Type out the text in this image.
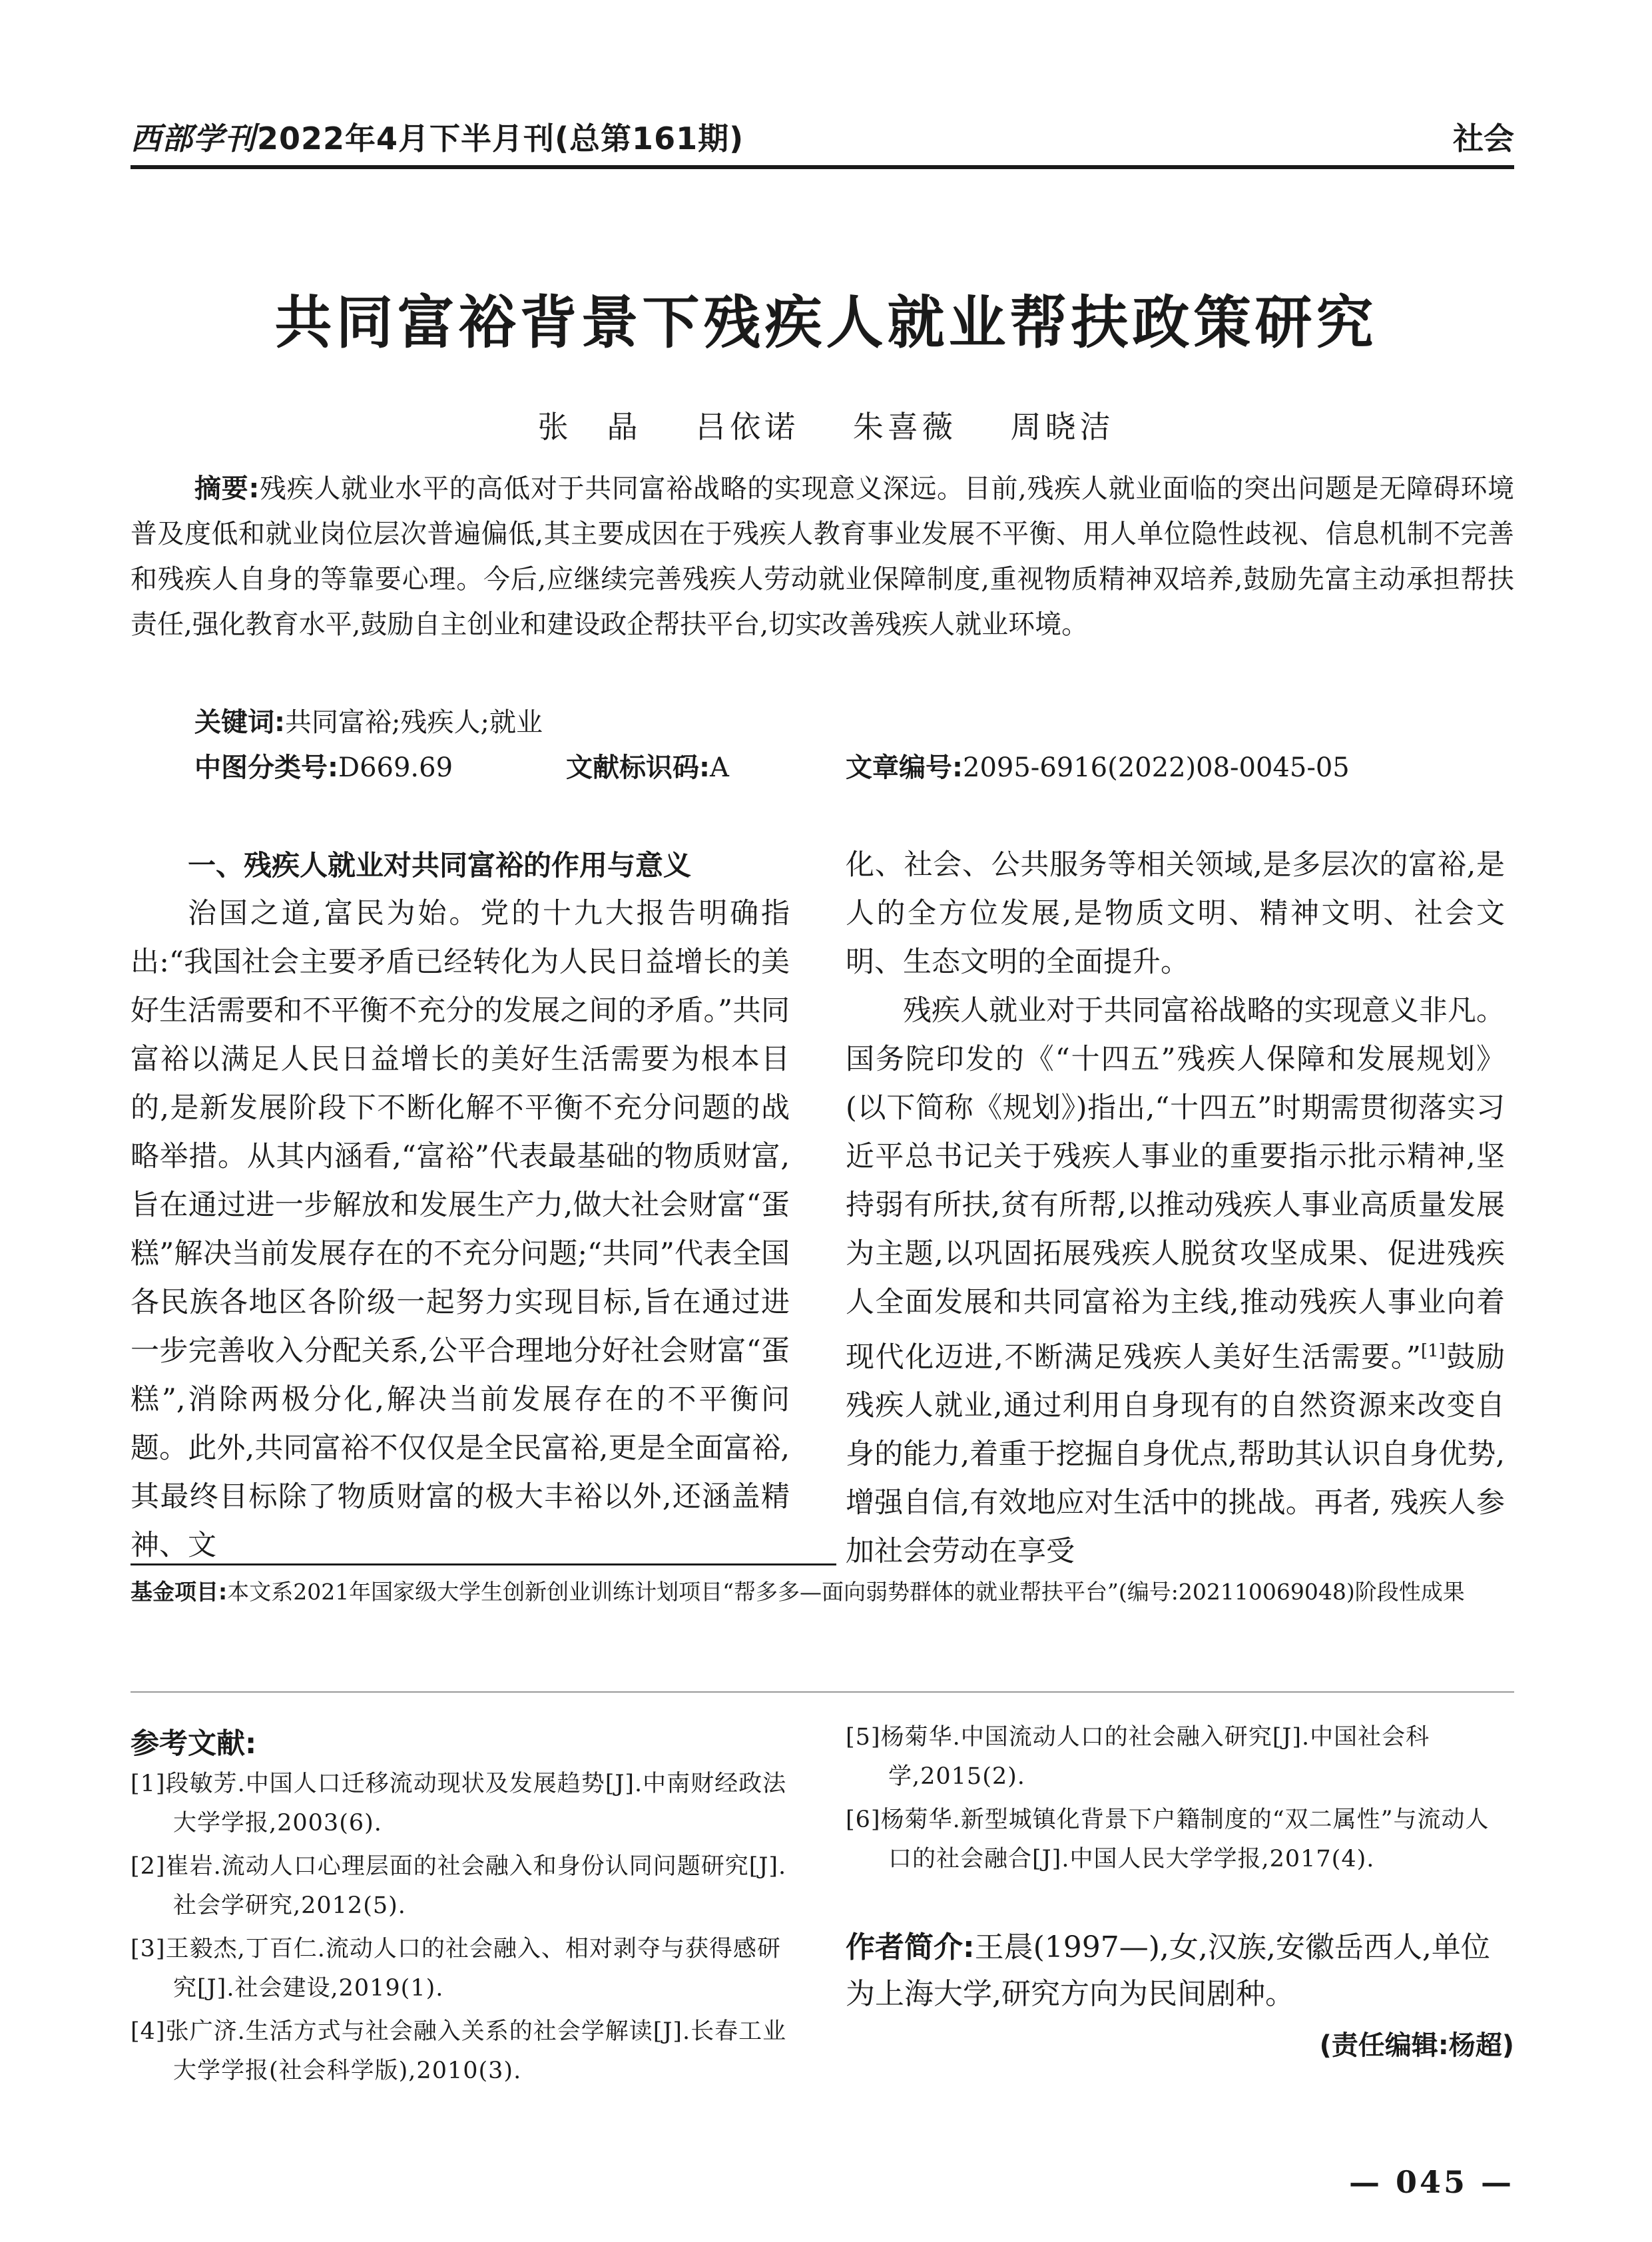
西部学刊2022年4月下半月刊(总第161期)	社会
共同富裕背景下残疾人就业帮扶政策研究
张　晶 吕依诺 朱喜薇 周晓洁
摘要:残疾人就业水平的高低对于共同富裕战略的实现意义深远。目前,残疾人就业面临的突出问题是无障碍环境普及度低和就业岗位层次普遍偏低,其主要成因在于残疾人教育事业发展不平衡、用人单位隐性歧视、信息机制不完善和残疾人自身的等靠要心理。今后,应继续完善残疾人劳动就业保障制度,重视物质精神双培养,鼓励先富主动承担帮扶责任,强化教育水平,鼓励自主创业和建设政企帮扶平台,切实改善残疾人就业环境。
关键词:共同富裕;残疾人;就业
中图分类号:D669.69	文献标识码:A	文章编号:2095-6916(2022)08-0045-05
一、残疾人就业对共同富裕的作用与意义

治国之道,富民为始。党的十九大报告明确指出:“我国社会主要矛盾已经转化为人民日益增长的美好生活需要和不平衡不充分的发展之间的矛盾。”共同富裕以满足人民日益增长的美好生活需要为根本目的,是新发展阶段下不断化解不平衡不充分问题的战略举措。从其内涵看,“富裕”代表最基础的物质财富,旨在通过进一步解放和发展生产力,做大社会财富“蛋糕”解决当前发展存在的不充分问题;“共同”代表全国各民族各地区各阶级一起努力实现目标,旨在通过进一步完善收入分配关系,公平合理地分好社会财富“蛋糕”,消除两极分化,解决当前发展存在的不平衡问题。此外,共同富裕不仅仅是全民富裕,更是全面富裕,其最终目标除了物质财富的极大丰裕以外,还涵盖精神、文

化、社会、公共服务等相关领域,是多层次的富裕,是人的全方位发展,是物质文明、精神文明、社会文明、生态文明的全面提升。

残疾人就业对于共同富裕战略的实现意义非凡。国务院印发的《“十四五”残疾人保障和发展规划》(以下简称《规划》)指出,“十四五”时期需贯彻落实习近平总书记关于残疾人事业的重要指示批示精神,坚持弱有所扶,贫有所帮,以推动残疾人事业高质量发展为主题,以巩固拓展残疾人脱贫攻坚成果、促进残疾人全面发展和共同富裕为主线,推动残疾人事业向着现代化迈进,不断满足残疾人美好生活需要。”[1]鼓励残疾人就业,通过利用自身现有的自然资源来改变自身的能力,着重于挖掘自身优点,帮助其认识自身优势,增强自信,有效地应对生活中的挑战。再者, 残疾人参加社会劳动在享受

基金项目:本文系2021年国家级大学生创新创业训练计划项目“帮多多—面向弱势群体的就业帮扶平台”(编号:202110069048)阶段性成果
参考文献:

[1]段敏芳.中国人口迁移流动现状及发展趋势[J].中南财经政法大学学报,2003(6).

[2]崔岩.流动人口心理层面的社会融入和身份认同问题研究[J].社会学研究,2012(5).

[3]王毅杰,丁百仁.流动人口的社会融入、相对剥夺与获得感研究[J].社会建设,2019(1).

[4]张广济.生活方式与社会融入关系的社会学解读[J].长春工业大学学报(社会科学版),2010(3).

[5]杨菊华.中国流动人口的社会融入研究[J].中国社会科学,2015(2).

[6]杨菊华.新型城镇化背景下户籍制度的“双二属性”与流动人口的社会融合[J].中国人民大学学报,2017(4).

作者简介:王晨(1997—),女,汉族,安徽岳西人,单位为上海大学,研究方向为民间剧种。
(责任编辑:杨超)
— 045 —
